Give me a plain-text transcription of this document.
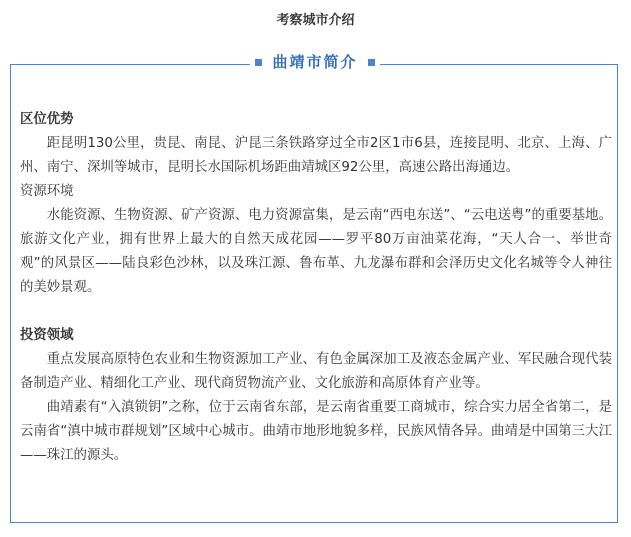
考察城市介绍
曲靖市简介
区位优势

距昆明130公里，贵昆、南昆、沪昆三条铁路穿过全市2区1市6县，连接昆明、北京、上海、广州、南宁、深圳等城市，昆明长水国际机场距曲靖城区92公里，高速公路出海通边。

资源环境

水能资源、生物资源、矿产资源、电力资源富集，是云南“西电东送”、“云电送粤”的重要基地。旅游文化产业，拥有世界上最大的自然天成花园——罗平80万亩油菜花海，“天人合一、举世奇观”的风景区——陆良彩色沙林，以及珠江源、鲁布革、九龙瀑布群和会泽历史文化名城等令人神往的美妙景观。

投资领域

重点发展高原特色农业和生物资源加工产业、有色金属深加工及液态金属产业、军民融合现代装备制造产业、精细化工产业、现代商贸物流产业、文化旅游和高原体育产业等。

曲靖素有“入滇锁钥”之称，位于云南省东部，是云南省重要工商城市，综合实力居全省第二，是云南省“滇中城市群规划”区域中心城市。曲靖市地形地貌多样，民族风情各异。曲靖是中国第三大江——珠江的源头。
